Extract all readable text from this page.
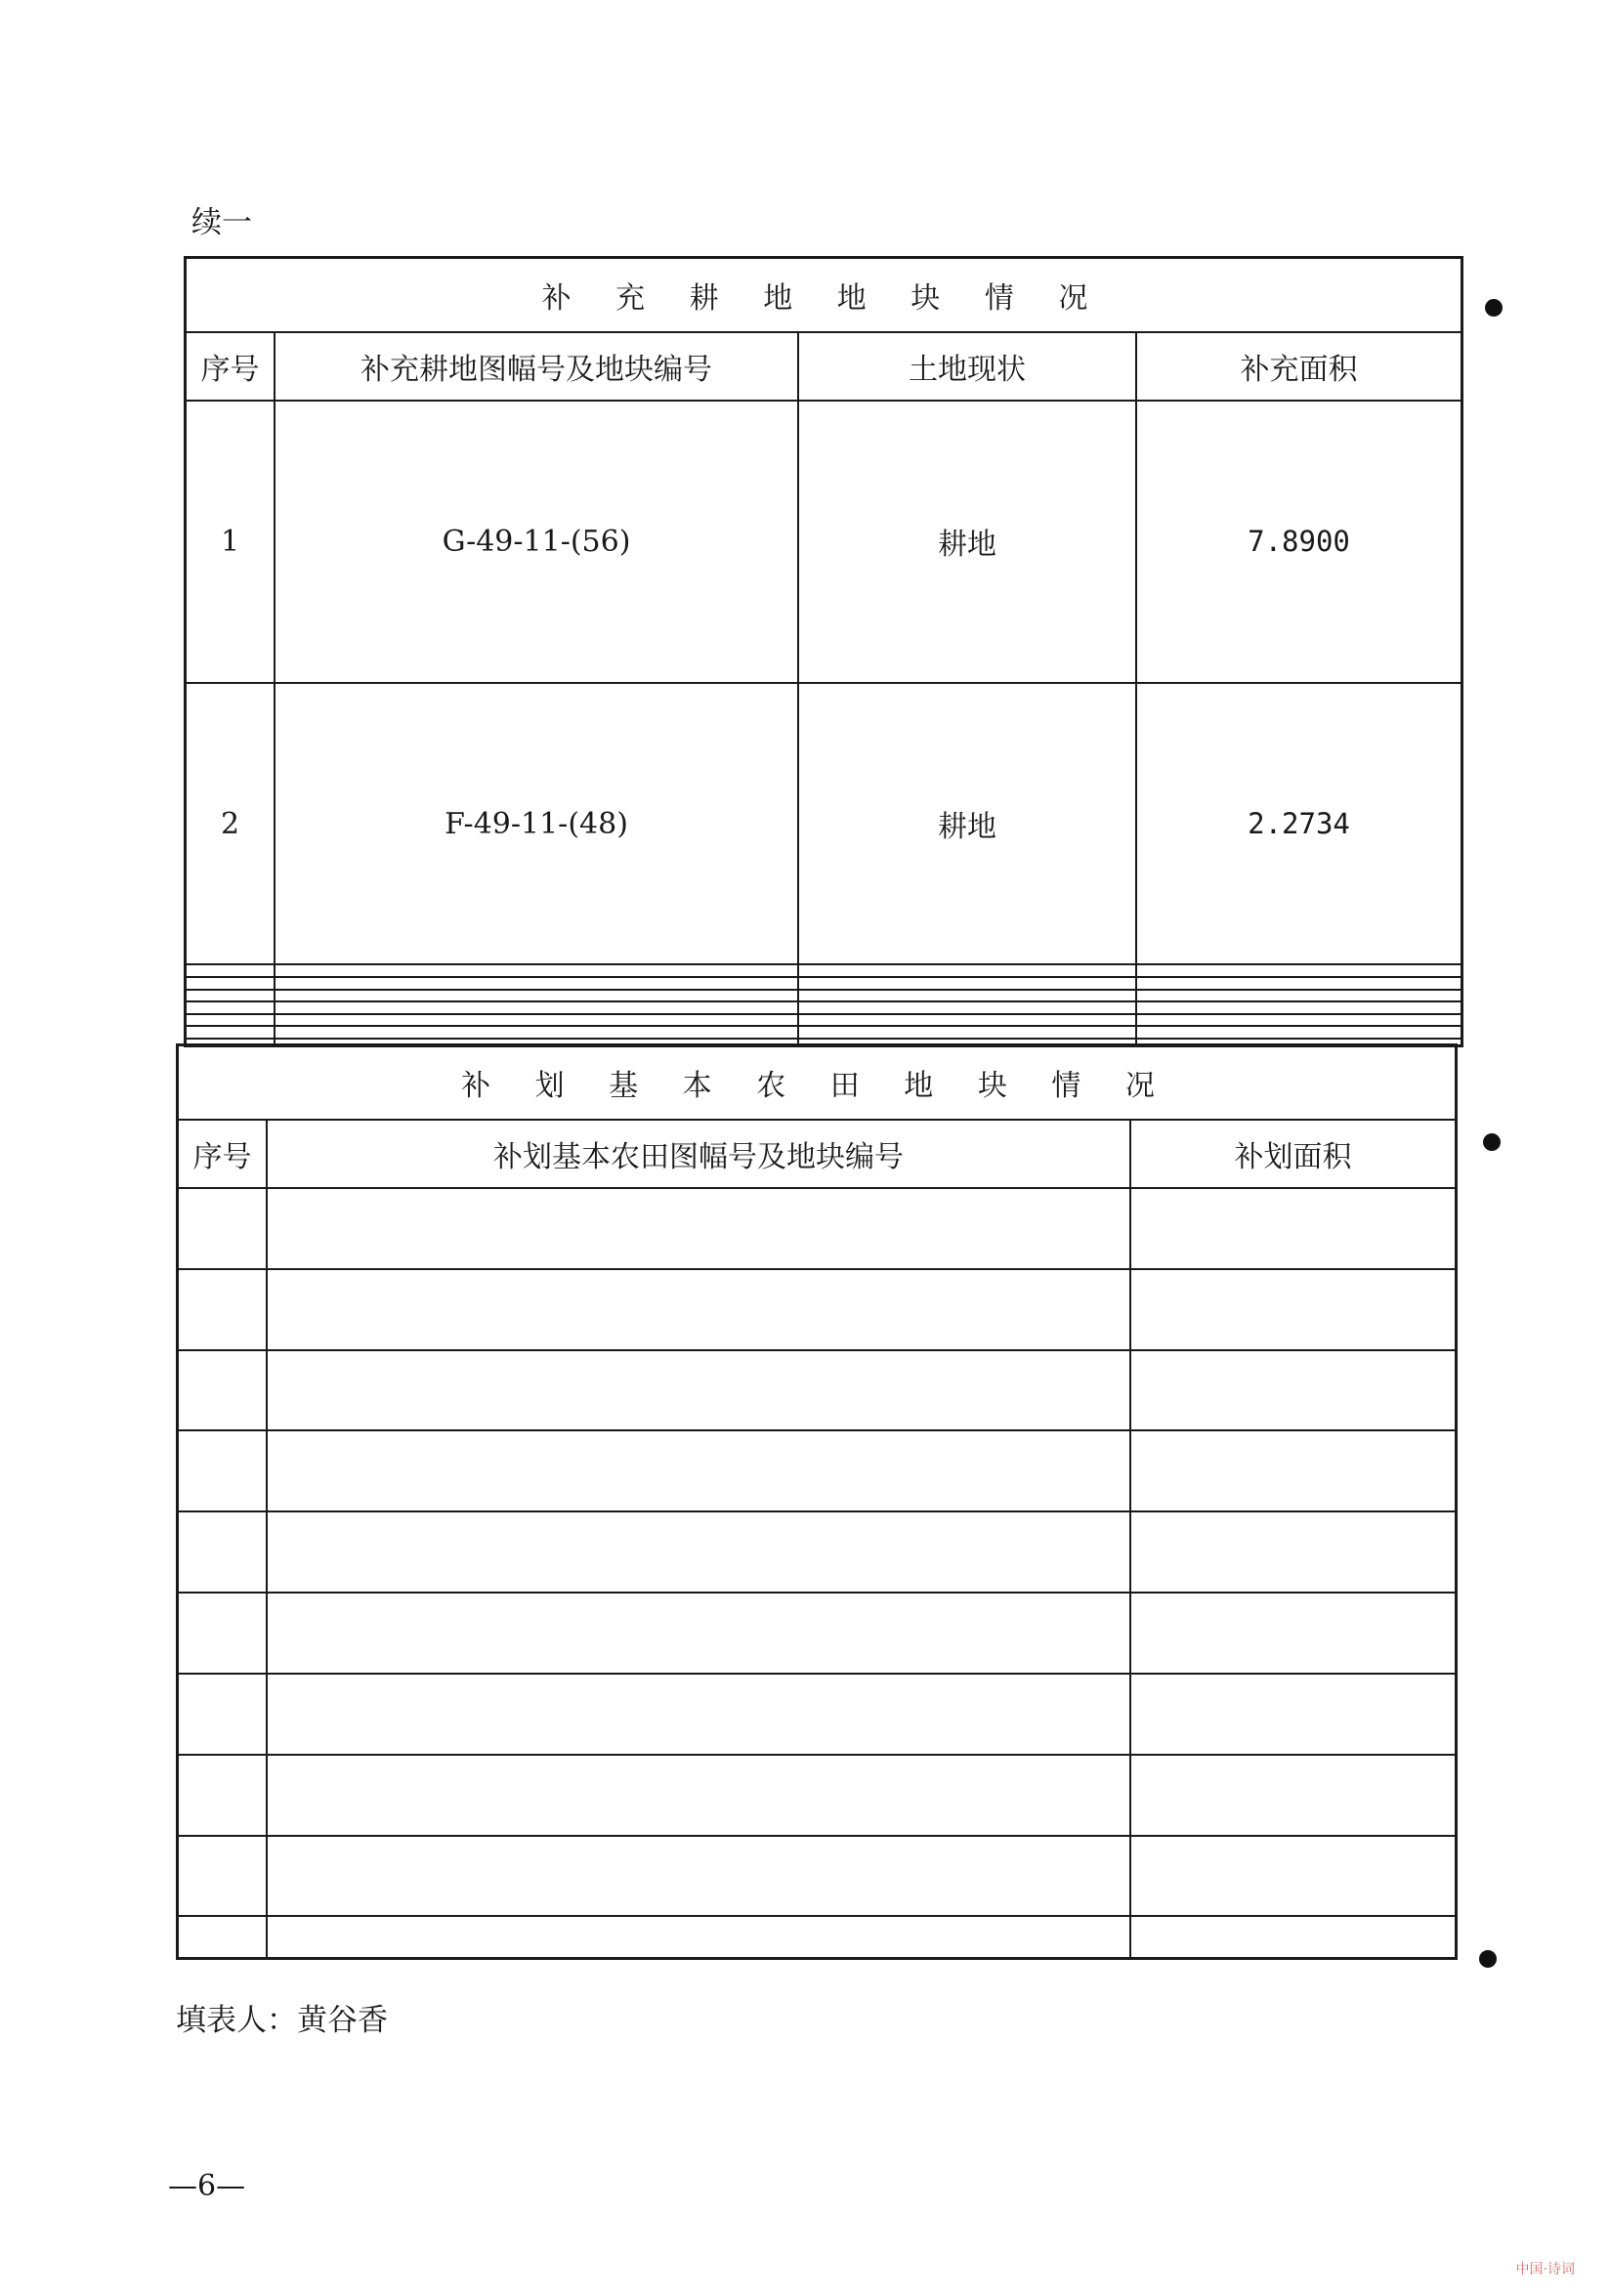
续一
补 充 耕 地 地 块 情 况			
序号	补充耕地图幅号及地块编号	土地现状	补充面积
1	G-49-11-(56)	耕地	7.8900
2	F-49-11-(48)	耕地	2.2734

补 划 基 本 农 田 地 块 情 况		
序号	补划基本农田图幅号及地块编号	补划面积

填表人：黄谷香
—6—
中国·诗词
